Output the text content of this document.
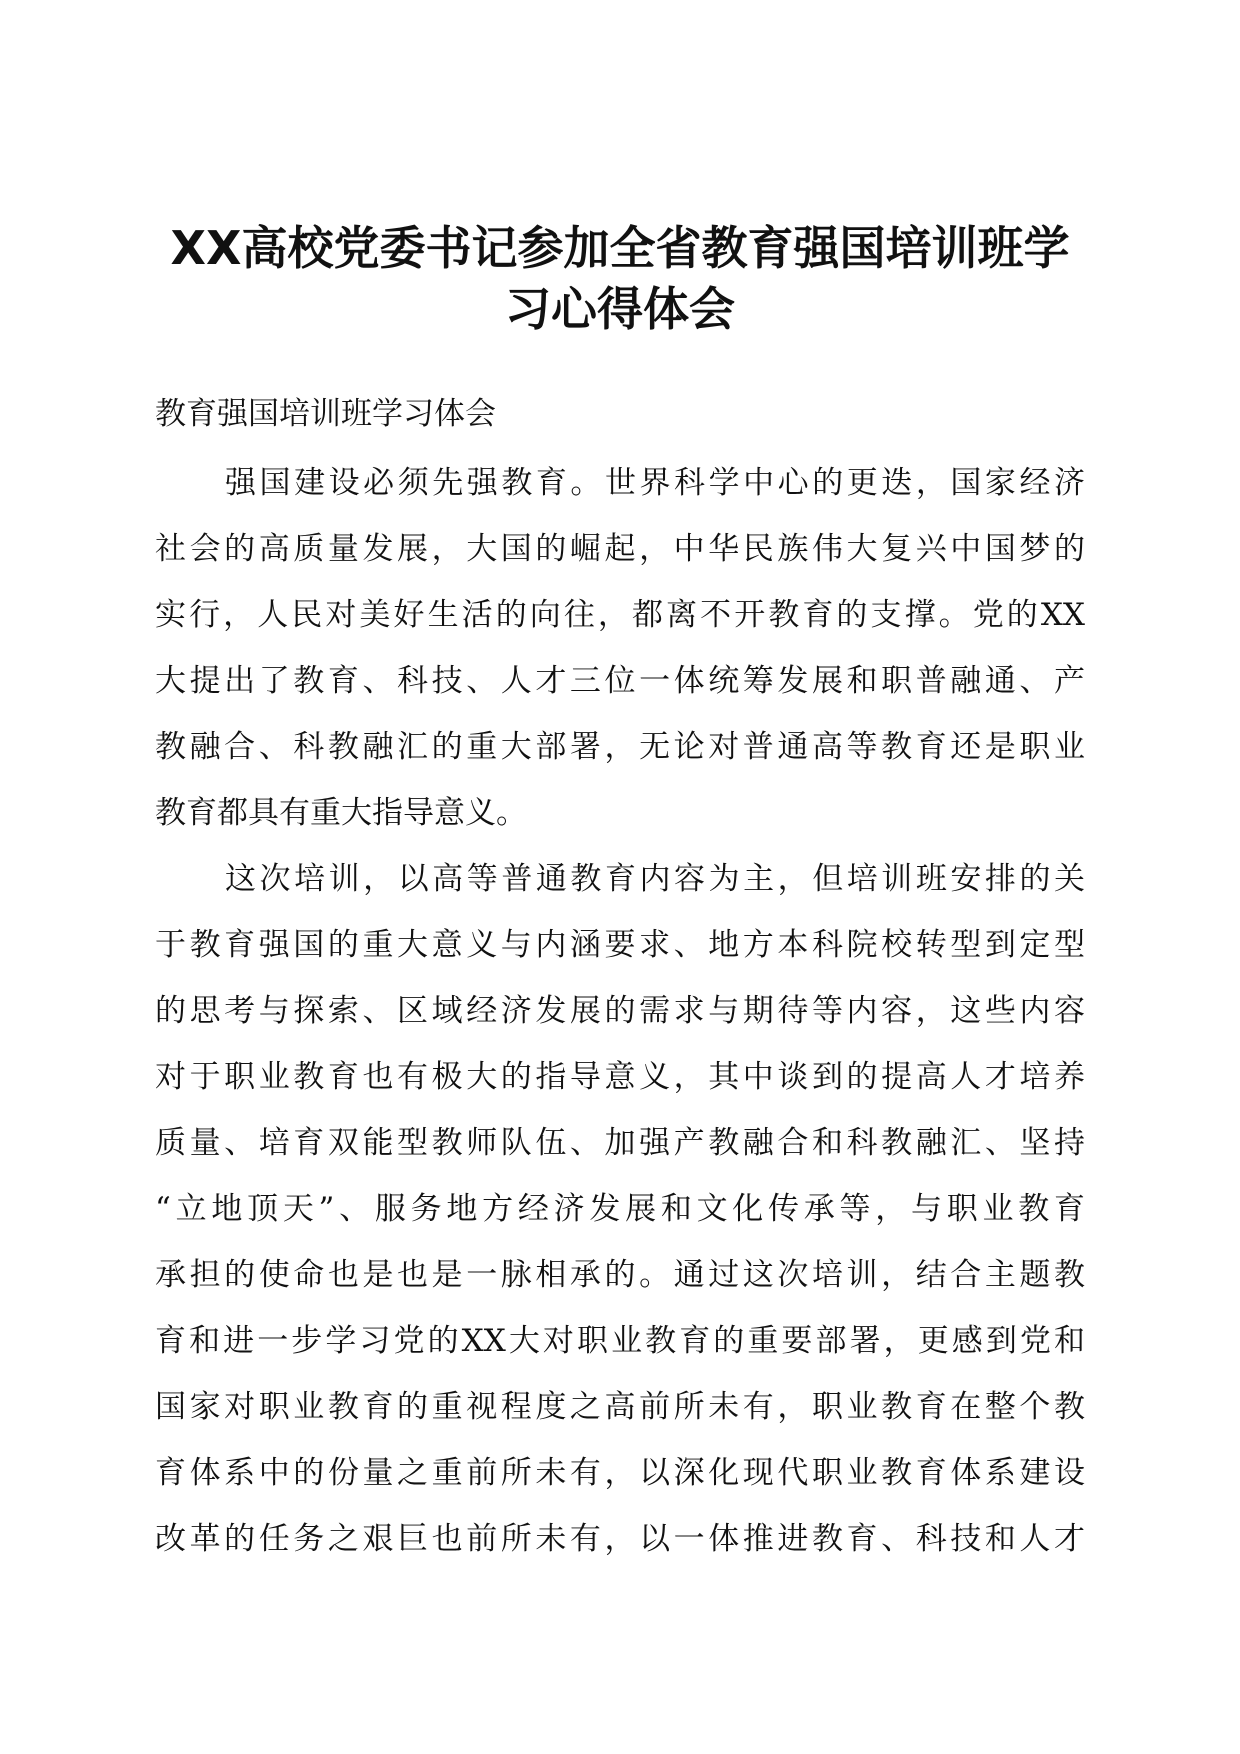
XX高校党委书记参加全省教育强国培训班学
习心得体会

教育强国培训班学习体会

强国建设必须先强教育。世界科学中心的更迭，国家经济

社会的高质量发展，大国的崛起，中华民族伟大复兴中国梦的

实行，人民对美好生活的向往，都离不开教育的支撑。党的XX

大提出了教育、科技、人才三位一体统筹发展和职普融通、产

教融合、科教融汇的重大部署，无论对普通高等教育还是职业

教育都具有重大指导意义。

这次培训，以高等普通教育内容为主，但培训班安排的关

于教育强国的重大意义与内涵要求、地方本科院校转型到定型

的思考与探索、区域经济发展的需求与期待等内容，这些内容

对于职业教育也有极大的指导意义，其中谈到的提高人才培养

质量、培育双能型教师队伍、加强产教融合和科教融汇、坚持

“立地顶天”、服务地方经济发展和文化传承等，与职业教育

承担的使命也是也是一脉相承的。通过这次培训，结合主题教

育和进一步学习党的XX大对职业教育的重要部署，更感到党和

国家对职业教育的重视程度之高前所未有，职业教育在整个教

育体系中的份量之重前所未有，以深化现代职业教育体系建设

改革的任务之艰巨也前所未有，以一体推进教育、科技和人才
